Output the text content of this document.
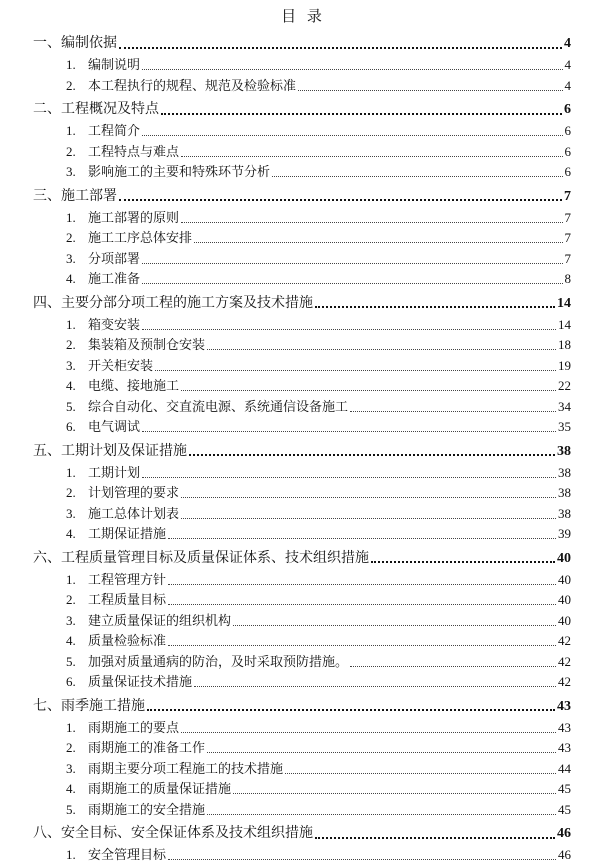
目 录
一、编制依据	4
1. 编制说明	4
2. 本工程执行的规程、规范及检验标准	4
二、工程概况及特点	6
1. 工程简介	6
2. 工程特点与难点	6
3. 影响施工的主要和特殊环节分析	6
三、施工部署	7
1. 施工部署的原则	7
2. 施工工序总体安排	7
3. 分项部署	7
4. 施工准备	8
四、主要分部分项工程的施工方案及技术措施	14
1. 箱变安装	14
2. 集装箱及预制仓安装	18
3. 开关柜安装	19
4. 电缆、接地施工	22
5. 综合自动化、交直流电源、系统通信设备施工	34
6. 电气调试	35
五、工期计划及保证措施	38
1. 工期计划	38
2. 计划管理的要求	38
3. 施工总体计划表	38
4. 工期保证措施	39
六、工程质量管理目标及质量保证体系、技术组织措施	40
1. 工程管理方针	40
2. 工程质量目标	40
3. 建立质量保证的组织机构	40
4. 质量检验标准	42
5. 加强对质量通病的防治，及时采取预防措施。	42
6. 质量保证技术措施	42
七、雨季施工措施	43
1. 雨期施工的要点	43
2. 雨期施工的准备工作	43
3. 雨期主要分项工程施工的技术措施	44
4. 雨期施工的质量保证措施	45
5. 雨期施工的安全措施	45
八、安全目标、安全保证体系及技术组织措施	46
1. 安全管理目标	46
